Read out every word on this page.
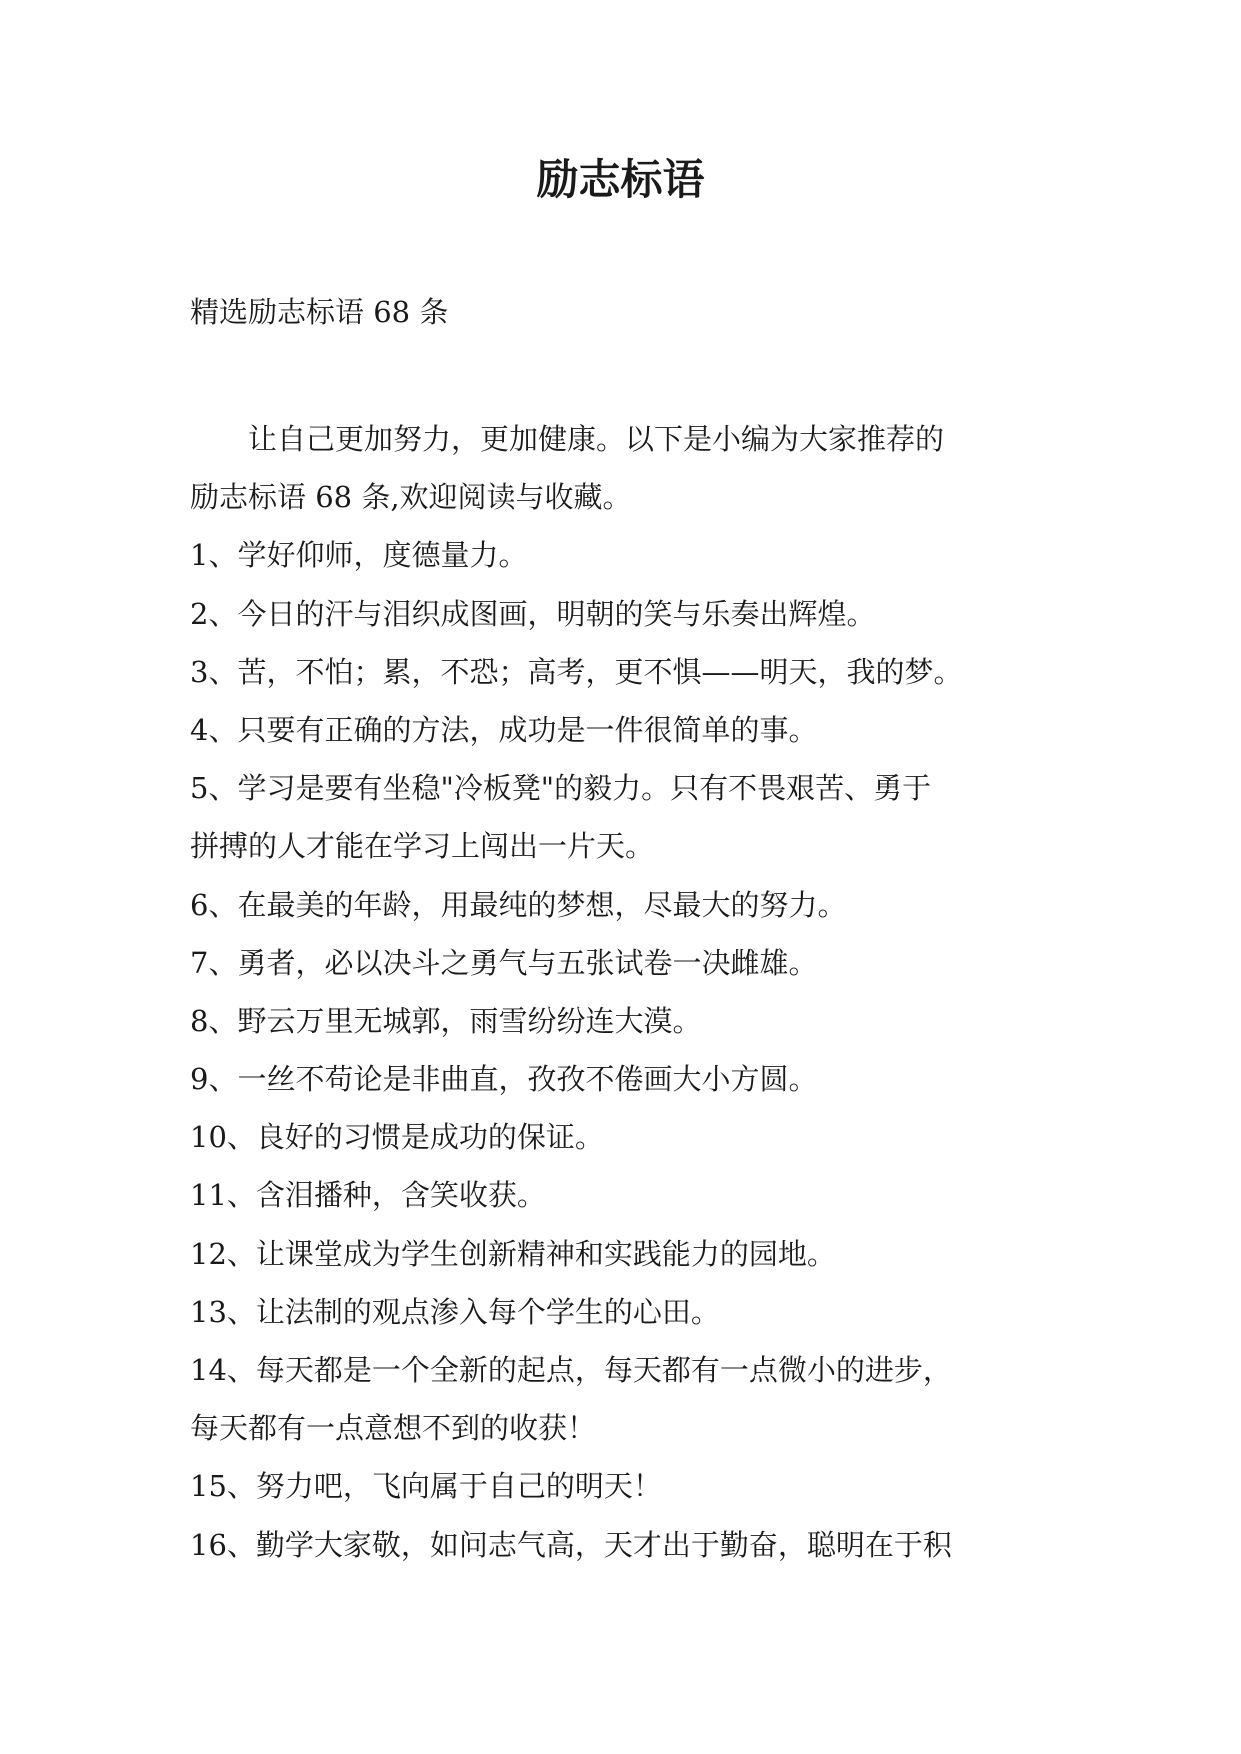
励志标语

精选励志标语 68 条

让自己更加努力，更加健康。以下是小编为大家推荐的

励志标语 68 条,欢迎阅读与收藏。

1、学好仰师，度德量力。

2、今日的汗与泪织成图画，明朝的笑与乐奏出辉煌。

3、苦，不怕；累，不恐；高考，更不惧——明天，我的梦。

4、只要有正确的方法，成功是一件很简单的事。

5、学习是要有坐稳"冷板凳"的毅力。只有不畏艰苦、勇于

拼搏的人才能在学习上闯出一片天。

6、在最美的年龄，用最纯的梦想，尽最大的努力。

7、勇者，必以决斗之勇气与五张试卷一决雌雄。

8、野云万里无城郭，雨雪纷纷连大漠。

9、一丝不苟论是非曲直，孜孜不倦画大小方圆。

10、良好的习惯是成功的保证。

11、含泪播种，含笑收获。

12、让课堂成为学生创新精神和实践能力的园地。

13、让法制的观点渗入每个学生的心田。

14、每天都是一个全新的起点，每天都有一点微小的进步，

每天都有一点意想不到的收获！

15、努力吧，飞向属于自己的明天！

16、勤学大家敬，如问志气高，天才出于勤奋，聪明在于积
